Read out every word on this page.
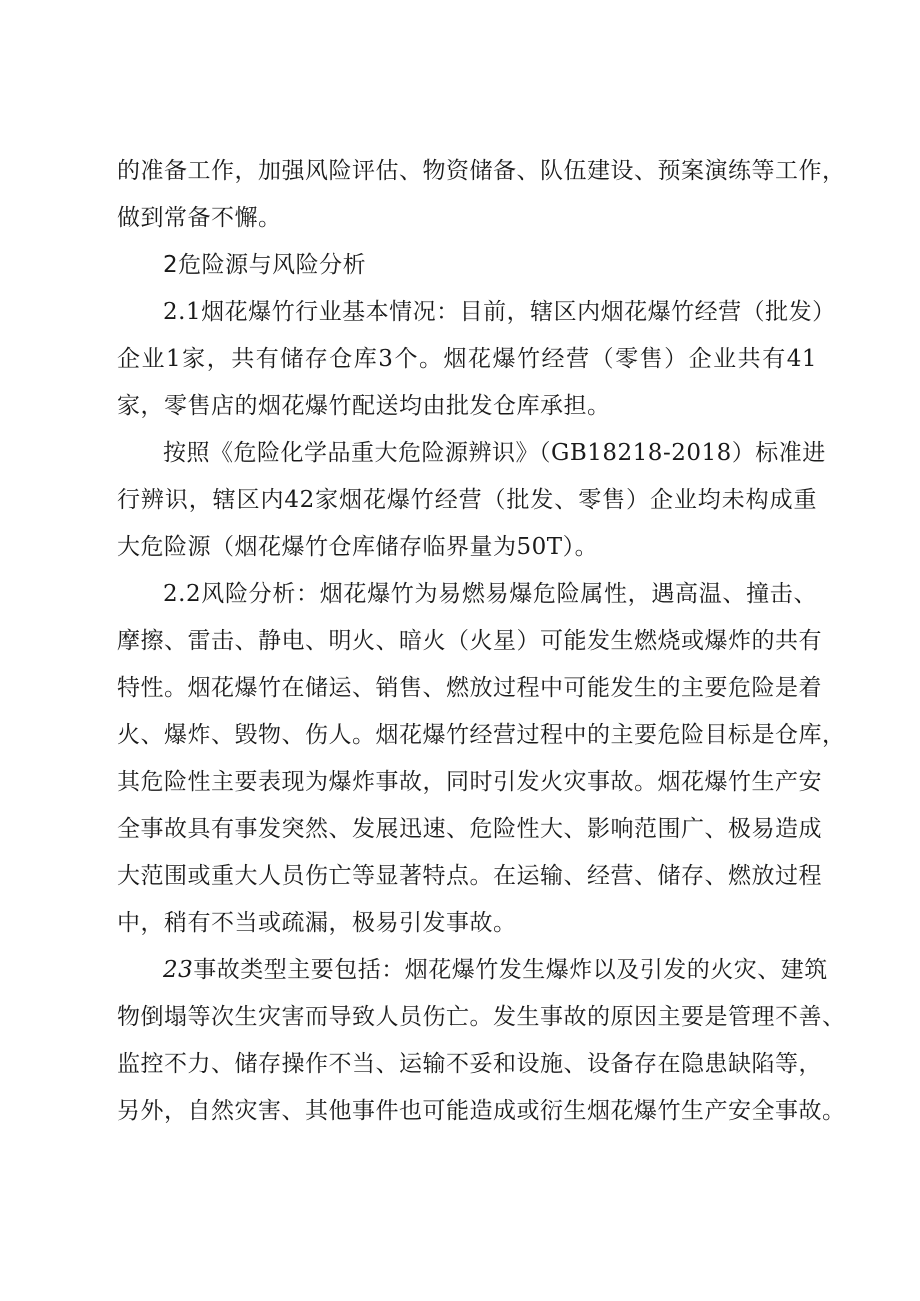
的准备工作，加强风险评估、物资储备、队伍建设、预案演练等工作，
做到常备不懈。
2危险源与风险分析
2.1烟花爆竹行业基本情况：目前，辖区内烟花爆竹经营（批发）
企业1家，共有储存仓库3个。烟花爆竹经营（零售）企业共有41
家，零售店的烟花爆竹配送均由批发仓库承担。
按照《危险化学品重大危险源辨识》（GB18218-2018）标准进
行辨识，辖区内42家烟花爆竹经营（批发、零售）企业均未构成重
大危险源（烟花爆竹仓库储存临界量为50T）。
2.2风险分析：烟花爆竹为易燃易爆危险属性，遇高温、撞击、
摩擦、雷击、静电、明火、暗火（火星）可能发生燃烧或爆炸的共有
特性。烟花爆竹在储运、销售、燃放过程中可能发生的主要危险是着
火、爆炸、毁物、伤人。烟花爆竹经营过程中的主要危险目标是仓库，
其危险性主要表现为爆炸事故，同时引发火灾事故。烟花爆竹生产安
全事故具有事发突然、发展迅速、危险性大、影响范围广、极易造成
大范围或重大人员伤亡等显著特点。在运输、经营、储存、燃放过程
中，稍有不当或疏漏，极易引发事故。
23事故类型主要包括：烟花爆竹发生爆炸以及引发的火灾、建筑
物倒塌等次生灾害而导致人员伤亡。发生事故的原因主要是管理不善、
监控不力、储存操作不当、运输不妥和设施、设备存在隐患缺陷等，
另外，自然灾害、其他事件也可能造成或衍生烟花爆竹生产安全事故。
